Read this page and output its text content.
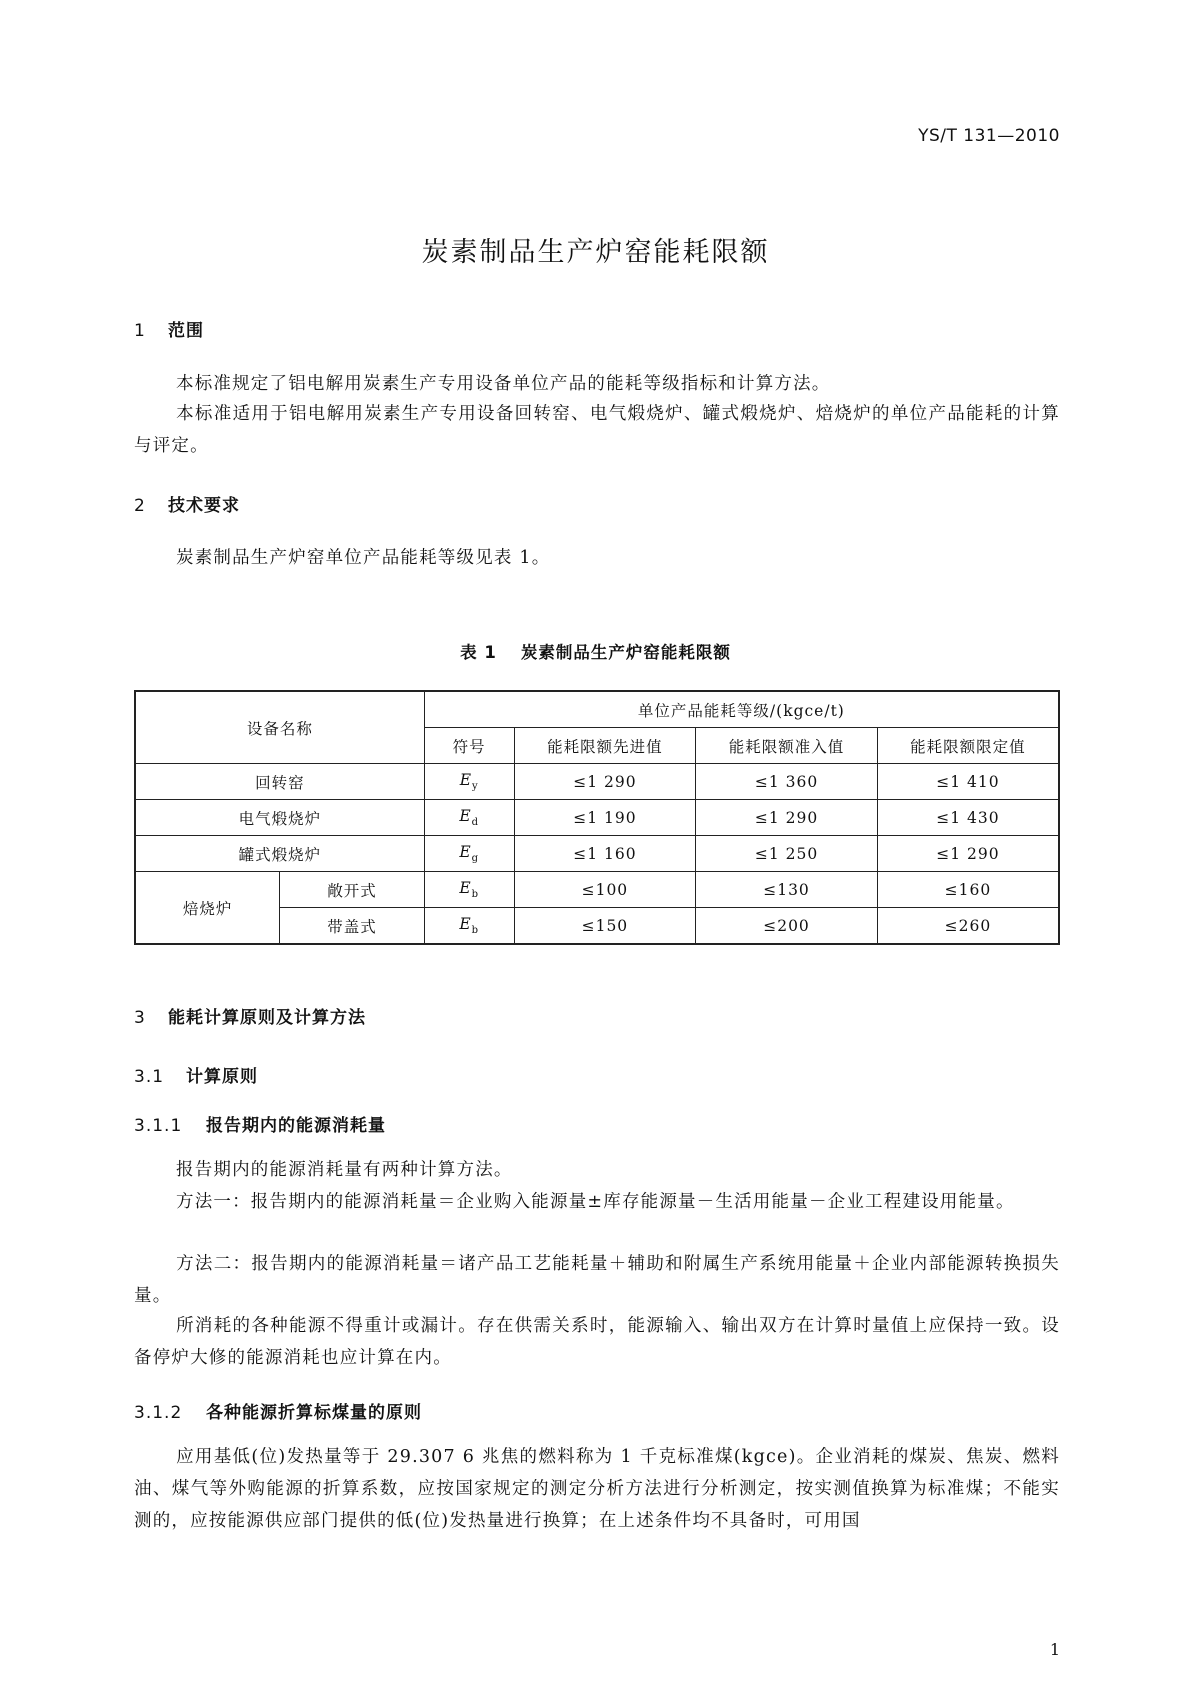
YS/T 131—2010
炭素制品生产炉窑能耗限额
1 范围
本标准规定了铝电解用炭素生产专用设备单位产品的能耗等级指标和计算方法。
本标准适用于铝电解用炭素生产专用设备回转窑、电气煅烧炉、罐式煅烧炉、焙烧炉的单位产品能耗的计算与评定。
2 技术要求
炭素制品生产炉窑单位产品能耗等级见表 1。
表 1 炭素制品生产炉窑能耗限额
设备名称		单位产品能耗等级/(kgce/t)			
		符号	能耗限额先进值	能耗限额准入值	能耗限额限定值
回转窑		$E_y$	≤1 290	≤1 360	≤1 410
电气煅烧炉		$E_d$	≤1 190	≤1 290	≤1 430
罐式煅烧炉		$E_g$	≤1 160	≤1 250	≤1 290
焙烧炉	敞开式	$E_b$	≤100	≤130	≤160
	带盖式	$E_b$	≤150	≤200	≤260
3 能耗计算原则及计算方法
3.1 计算原则
3.1.1 报告期内的能源消耗量
报告期内的能源消耗量有两种计算方法。
方法一：报告期内的能源消耗量＝企业购入能源量±库存能源量－生活用能量－企业工程建设用能量。
方法二：报告期内的能源消耗量＝诸产品工艺能耗量＋辅助和附属生产系统用能量＋企业内部能源转换损失量。
所消耗的各种能源不得重计或漏计。存在供需关系时，能源输入、输出双方在计算时量值上应保持一致。设备停炉大修的能源消耗也应计算在内。
3.1.2 各种能源折算标煤量的原则
应用基低(位)发热量等于 29.307 6 兆焦的燃料称为 1 千克标准煤(kgce)。企业消耗的煤炭、焦炭、燃料油、煤气等外购能源的折算系数，应按国家规定的测定分析方法进行分析测定，按实测值换算为标准煤；不能实测的，应按能源供应部门提供的低(位)发热量进行换算；在上述条件均不具备时，可用国
1
